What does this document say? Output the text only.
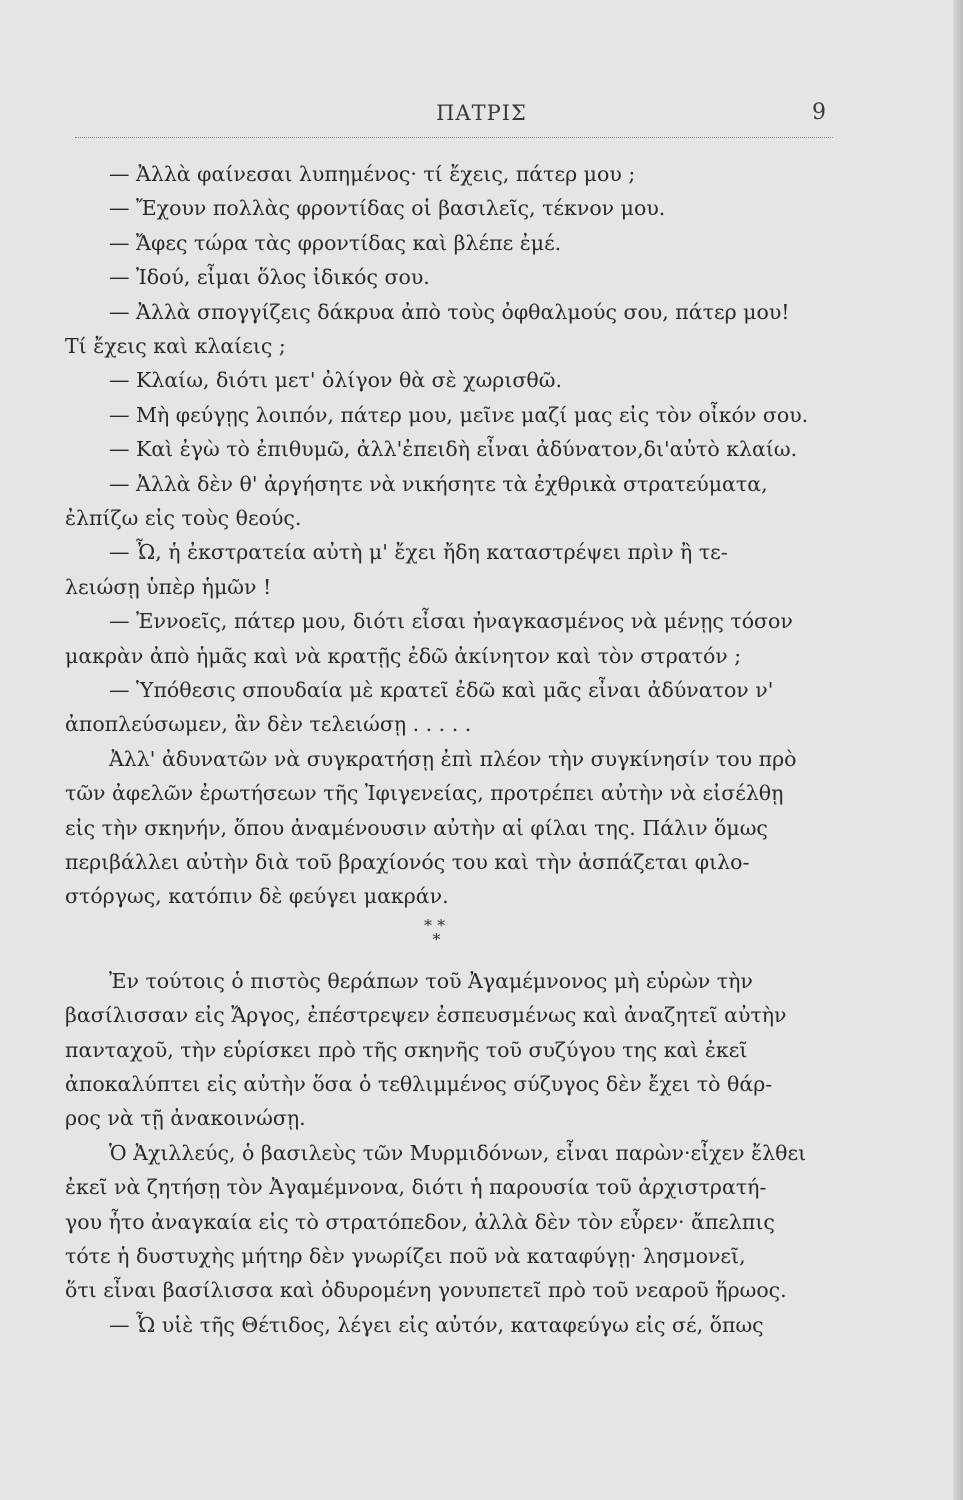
ΠΑΤΡΙΣ	9
* *
*
— Ἀλλὰ φαίνεσαι λυπημένος· τί ἔχεις, πάτερ μου ;
— Ἔχουν πολλὰς φροντίδας οἱ βασιλεῖς, τέκνον μου.
— Ἄφες τώρα τὰς φροντίδας καὶ βλέπε ἐμέ.
— Ἰδού, εἶμαι ὅλος ἰδικός σου.
— Ἀλλὰ σπογγίζεις δάκρυα ἀπὸ τοὺς ὀφθαλμούς σου, πάτερ μου!
Τί ἔχεις καὶ κλαίεις ;
— Κλαίω, διότι μετ' ὀλίγον θὰ σὲ χωρισθῶ.
— Μὴ φεύγῃς λοιπόν, πάτερ μου, μεῖνε μαζί μας εἰς τὸν οἶκόν σου.
— Καὶ ἐγὼ τὸ ἐπιθυμῶ, ἀλλ'ἐπειδὴ εἶναι ἀδύνατον,δι'αὐτὸ κλαίω.
— Ἀλλὰ δὲν θ' ἀργήσητε νὰ νικήσητε τὰ ἐχθρικὰ στρατεύματα,
ἐλπίζω εἰς τοὺς θεούς.
— Ὦ, ἡ ἐκστρατεία αὐτὴ μ' ἔχει ἤδη καταστρέψει πρὶν ἢ τε-
λειώσῃ ὑπὲρ ἡμῶν !
— Ἐννοεῖς, πάτερ μου, διότι εἶσαι ἠναγκασμένος νὰ μένῃς τόσον
μακρὰν ἀπὸ ἡμᾶς καὶ νὰ κρατῇς ἐδῶ ἀκίνητον καὶ τὸν στρατόν ;
— Ὑπόθεσις σπουδαία μὲ κρατεῖ ἐδῶ καὶ μᾶς εἶναι ἀδύνατον ν'
ἀποπλεύσωμεν, ἂν δὲν τελειώσῃ . . . . .
Ἀλλ' ἀδυνατῶν νὰ συγκρατήσῃ ἐπὶ πλέον τὴν συγκίνησίν του πρὸ
τῶν ἀφελῶν ἐρωτήσεων τῆς Ἰφιγενείας, προτρέπει αὐτὴν νὰ εἰσέλθῃ
εἰς τὴν σκηνήν, ὅπου ἀναμένουσιν αὐτὴν αἱ φίλαι της. Πάλιν ὅμως
περιβάλλει αὐτὴν διὰ τοῦ βραχίονός του καὶ τὴν ἀσπάζεται φιλο-
στόργως, κατόπιν δὲ φεύγει μακράν.
Ἐν τούτοις ὁ πιστὸς θεράπων τοῦ Ἀγαμέμνονος μὴ εὑρὼν τὴν
βασίλισσαν εἰς Ἄργος, ἐπέστρεψεν ἐσπευσμένως καὶ ἀναζητεῖ αὐτὴν
πανταχοῦ, τὴν εὑρίσκει πρὸ τῆς σκηνῆς τοῦ συζύγου της καὶ ἐκεῖ
ἀποκαλύπτει εἰς αὐτὴν ὅσα ὁ τεθλιμμένος σύζυγος δὲν ἔχει τὸ θάρ-
ρος νὰ τῇ ἀνακοινώσῃ.
Ὁ Ἀχιλλεύς, ὁ βασιλεὺς τῶν Μυρμιδόνων, εἶναι παρὼν·εἶχεν ἔλθει
ἐκεῖ νὰ ζητήσῃ τὸν Ἀγαμέμνονα, διότι ἡ παρουσία τοῦ ἀρχιστρατή-
γου ἦτο ἀναγκαία εἰς τὸ στρατόπεδον, ἀλλὰ δὲν τὸν εὗρεν· ἄπελπις
τότε ἡ δυστυχὴς μήτηρ δὲν γνωρίζει ποῦ νὰ καταφύγῃ· λησμονεῖ,
ὅτι εἶναι βασίλισσα καὶ ὀδυρομένη γονυπετεῖ πρὸ τοῦ νεαροῦ ἥρωος.
— Ὦ υἱὲ τῆς Θέτιδος, λέγει εἰς αὐτόν, καταφεύγω εἰς σέ, ὅπως
